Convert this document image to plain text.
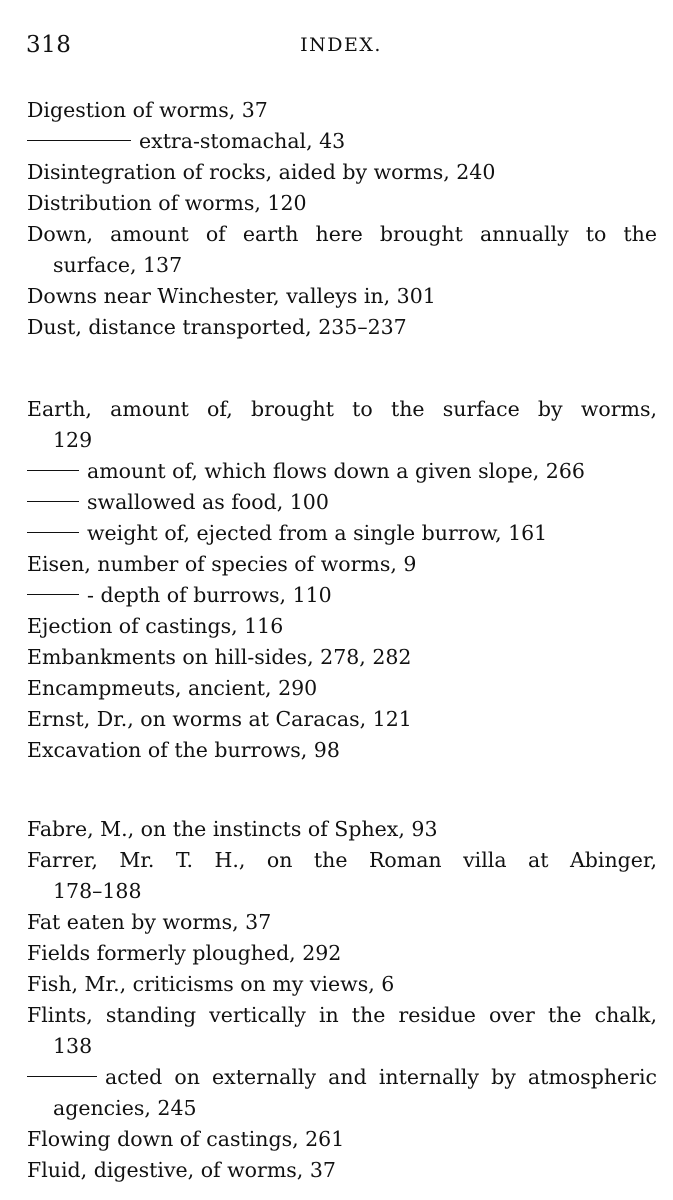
318	INDEX.
Digestion of worms, 37
extra-stomachal, 43
Disintegration of rocks, aided by worms, 240
Distribution of worms, 120
Down, amount of earth here brought annually to the
surface, 137
Downs near Winchester, valleys in, 301
Dust, distance transported, 235–237
Earth, amount of, brought to the surface by worms,
129
amount of, which flows down a given slope, 266
swallowed as food, 100
weight of, ejected from a single burrow, 161
Eisen, number of species of worms, 9
- depth of burrows, 110
Ejection of castings, 116
Embankments on hill-sides, 278, 282
Encampmeuts, ancient, 290
Ernst, Dr., on worms at Caracas, 121
Excavation of the burrows, 98
Fabre, M., on the instincts of Sphex, 93
Farrer, Mr. T. H., on the Roman villa at Abinger,
178–188
Fat eaten by worms, 37
Fields formerly ploughed, 292
Fish, Mr., criticisms on my views, 6
Flints, standing vertically in the residue over the chalk,
138
acted on externally and internally by atmospheric
agencies, 245
Flowing down of castings, 261
Fluid, digestive, of worms, 37
